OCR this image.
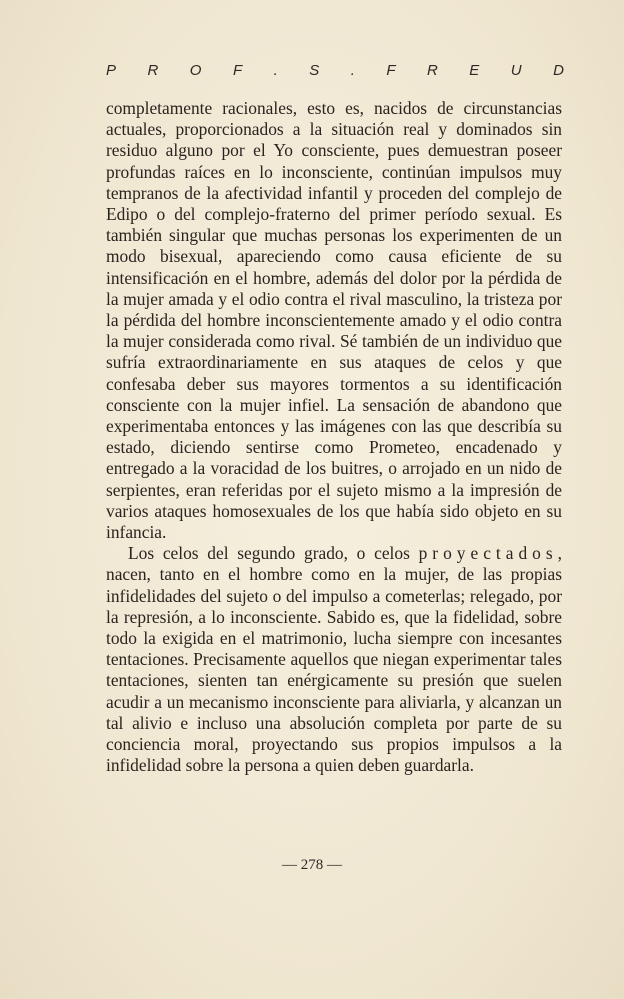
P R O F . S . F R E U D

completamente racionales, esto es, nacidos de circunstancias actuales, proporcionados a la situación real y dominados sin residuo alguno por el Yo consciente, pues demuestran poseer profundas raíces en lo inconsciente, continúan impulsos muy tempranos de la afectividad infantil y proceden del complejo de Edipo o del complejo-fraterno del primer período sexual. Es también singular que muchas personas los experimenten de un modo bisexual, apareciendo como causa eficiente de su intensificación en el hombre, además del dolor por la pérdida de la mujer amada y el odio contra el rival masculino, la tristeza por la pérdida del hombre inconscientemente amado y el odio contra la mujer considerada como rival. Sé también de un individuo que sufría extraordinariamente en sus ataques de celos y que confesaba deber sus mayores tormentos a su identificación consciente con la mujer infiel. La sensación de abandono que experimentaba entonces y las imágenes con las que describía su estado, diciendo sentirse como Prometeo, encadenado y entregado a la voracidad de los buitres, o arrojado en un nido de serpientes, eran referidas por el sujeto mismo a la impresión de varios ataques homosexuales de los que había sido objeto en su infancia.

Los celos del segundo grado, o celos proyectados, nacen, tanto en el hombre como en la mujer, de las propias infidelidades del sujeto o del impulso a cometerlas; relegado, por la represión, a lo inconsciente. Sabido es, que la fidelidad, sobre todo la exigida en el matrimonio, lucha siempre con incesantes tentaciones. Precisamente aquellos que niegan experimentar tales tentaciones, sienten tan enérgicamente su presión que suelen acudir a un mecanismo inconsciente para aliviarla, y alcanzan un tal alivio e incluso una absolución completa por parte de su conciencia moral, proyectando sus propios impulsos a la infidelidad sobre la persona a quien deben guardarla.

— 278 —
